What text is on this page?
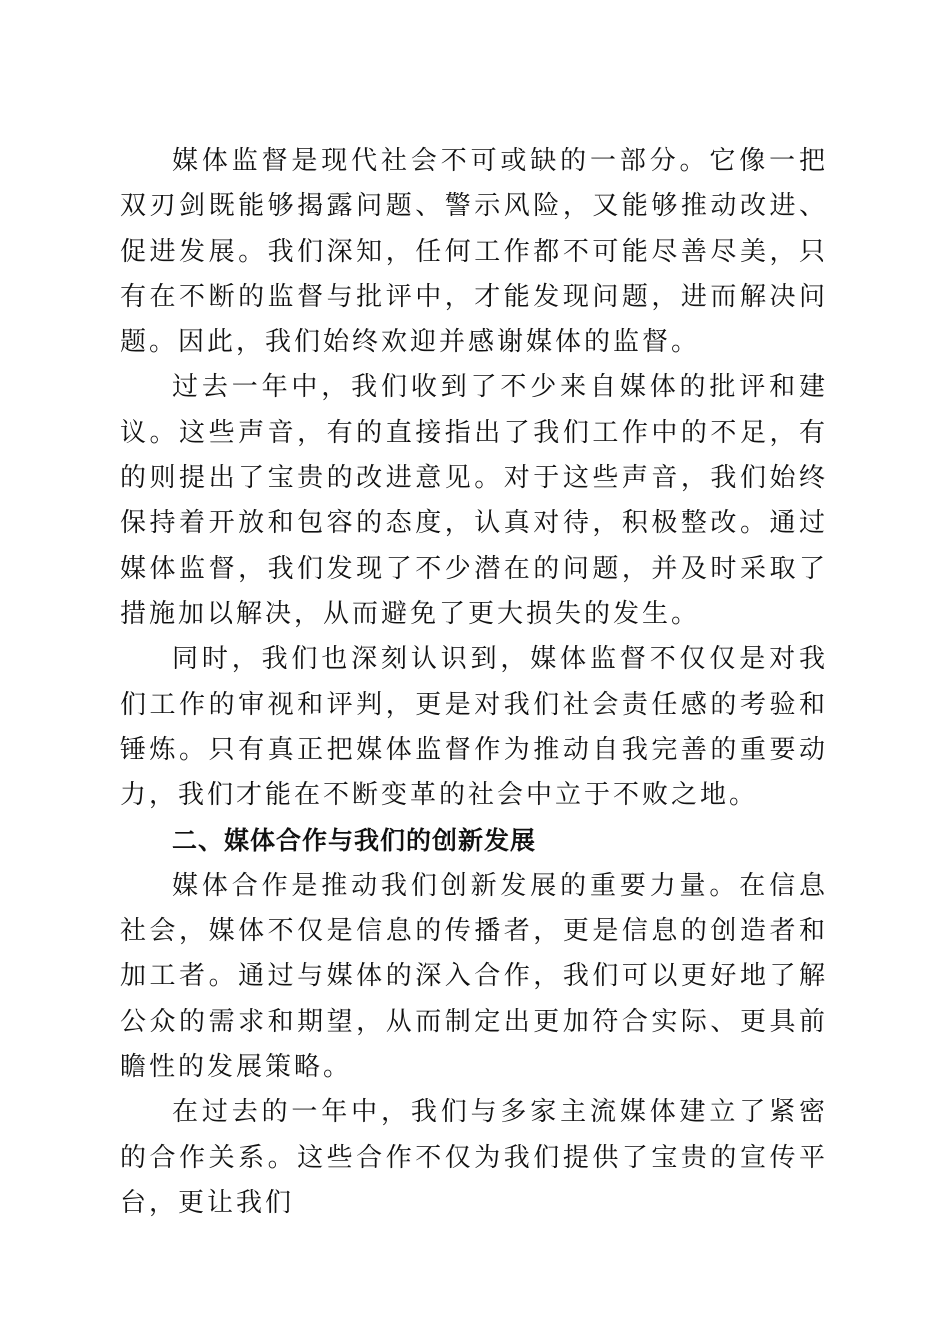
媒体监督是现代社会不可或缺的一部分。它像一把双刃剑既能够揭露问题、警示风险，又能够推动改进、促进发展。我们深知，任何工作都不可能尽善尽美，只有在不断的监督与批评中，才能发现问题，进而解决问题。因此，我们始终欢迎并感谢媒体的监督。

过去一年中，我们收到了不少来自媒体的批评和建议。这些声音，有的直接指出了我们工作中的不足，有的则提出了宝贵的改进意见。对于这些声音，我们始终保持着开放和包容的态度，认真对待，积极整改。通过媒体监督，我们发现了不少潜在的问题，并及时采取了措施加以解决，从而避免了更大损失的发生。

同时，我们也深刻认识到，媒体监督不仅仅是对我们工作的审视和评判，更是对我们社会责任感的考验和锤炼。只有真正把媒体监督作为推动自我完善的重要动力，我们才能在不断变革的社会中立于不败之地。

二、媒体合作与我们的创新发展

媒体合作是推动我们创新发展的重要力量。在信息社会，媒体不仅是信息的传播者，更是信息的创造者和加工者。通过与媒体的深入合作，我们可以更好地了解公众的需求和期望，从而制定出更加符合实际、更具前瞻性的发展策略。

在过去的一年中，我们与多家主流媒体建立了紧密的合作关系。这些合作不仅为我们提供了宝贵的宣传平台，更让我们
